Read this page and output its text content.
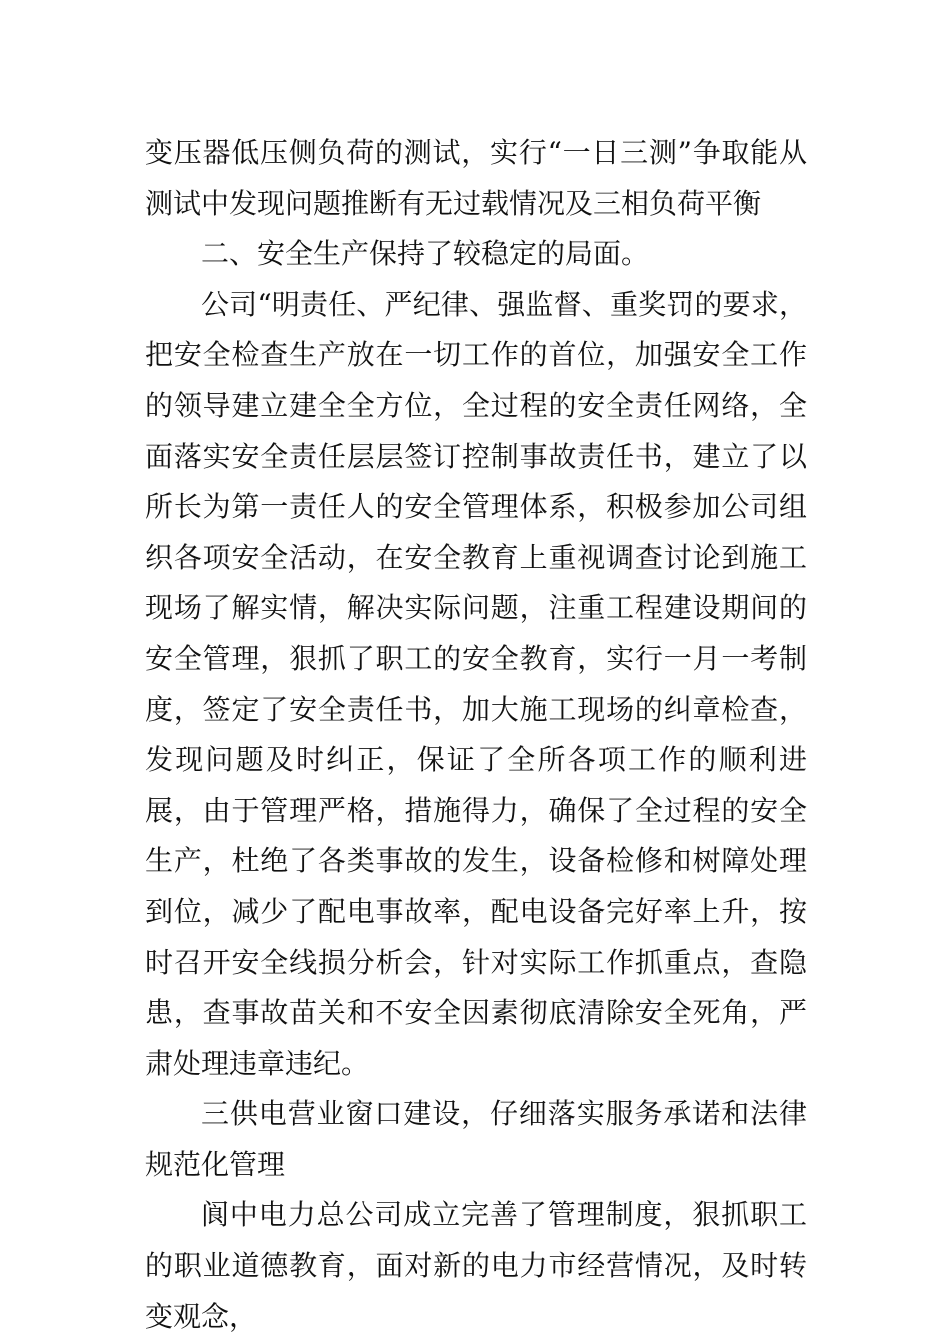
变压器低压侧负荷的测试，实行“一日三测”争取能从测试中发现问题推断有无过载情况及三相负荷平衡

二、安全生产保持了较稳定的局面。

公司“明责任、严纪律、强监督、重奖罚的要求，把安全检查生产放在一切工作的首位，加强安全工作的领导建立建全全方位，全过程的安全责任网络，全面落实安全责任层层签订控制事故责任书，建立了以所长为第一责任人的安全管理体系，积极参加公司组织各项安全活动，在安全教育上重视调查讨论到施工现场了解实情，解决实际问题，注重工程建设期间的安全管理，狠抓了职工的安全教育，实行一月一考制度，签定了安全责任书，加大施工现场的纠章检查，发现问题及时纠正，保证了全所各项工作的顺利进展，由于管理严格，措施得力，确保了全过程的安全生产，杜绝了各类事故的发生，设备检修和树障处理到位，减少了配电事故率，配电设备完好率上升，按时召开安全线损分析会，针对实际工作抓重点，查隐患，查事故苗关和不安全因素彻底清除安全死角，严肃处理违章违纪。

三供电营业窗口建设，仔细落实服务承诺和法律规范化管理

阆中电力总公司成立完善了管理制度，狠抓职工的职业道德教育，面对新的电力市经营情况，及时转变观念，
